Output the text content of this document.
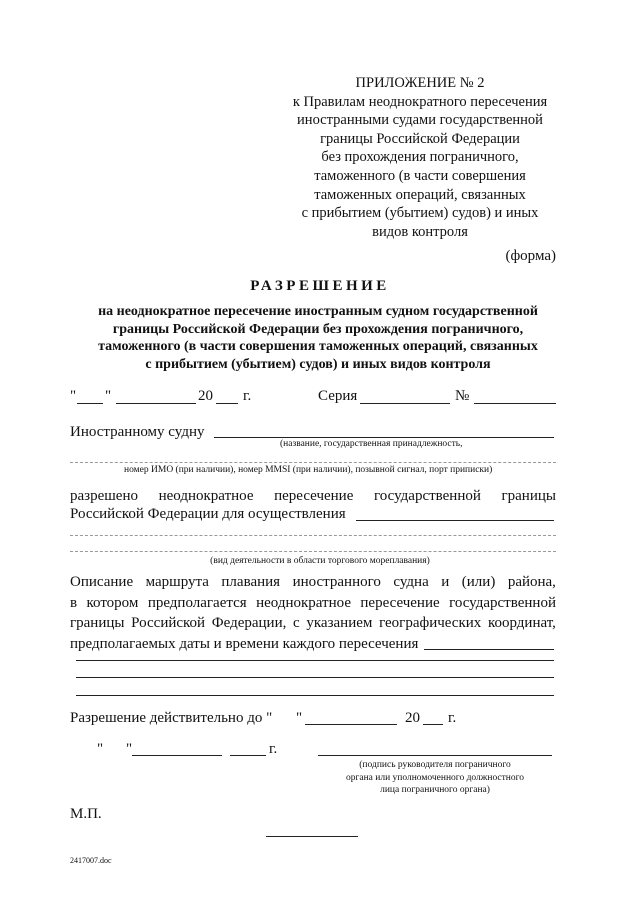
ПРИЛОЖЕНИЕ № 2
к Правилам неоднократного пересечения
иностранными судами государственной
границы Российской Федерации
без прохождения пограничного,
таможенного (в части совершения
таможенных операций, связанных
с прибытием (убытием) судов) и иных
видов контроля
(форма)
РАЗРЕШЕНИЕ
на неоднократное пересечение иностранным судном государственной
границы Российской Федерации без прохождения пограничного,
таможенного (в части совершения таможенных операций, связанных
с прибытием (убытием) судов) и иных видов контроля
" "	20 г.	Серия	№
Иностранному судну
(название, государственная принадлежность,
номер ИМО (при наличии), номер MMSI (при наличии), позывной сигнал, порт приписки)
разрешено неоднократное пересечение государственной границы
Российской Федерации для осуществления
(вид деятельности в области торгового мореплавания)
Описание маршрута плавания иностранного судна и (или) района,
в котором предполагается неоднократное пересечение государственной
границы Российской Федерации, с указанием географических координат,
предполагаемых даты и времени каждого пересечения
Разрешение действительно до " "	20 г.
" "	г.
(подпись руководителя пограничного
органа или уполномоченного должностного
лица пограничного органа)
М.П.
2417007.doc
